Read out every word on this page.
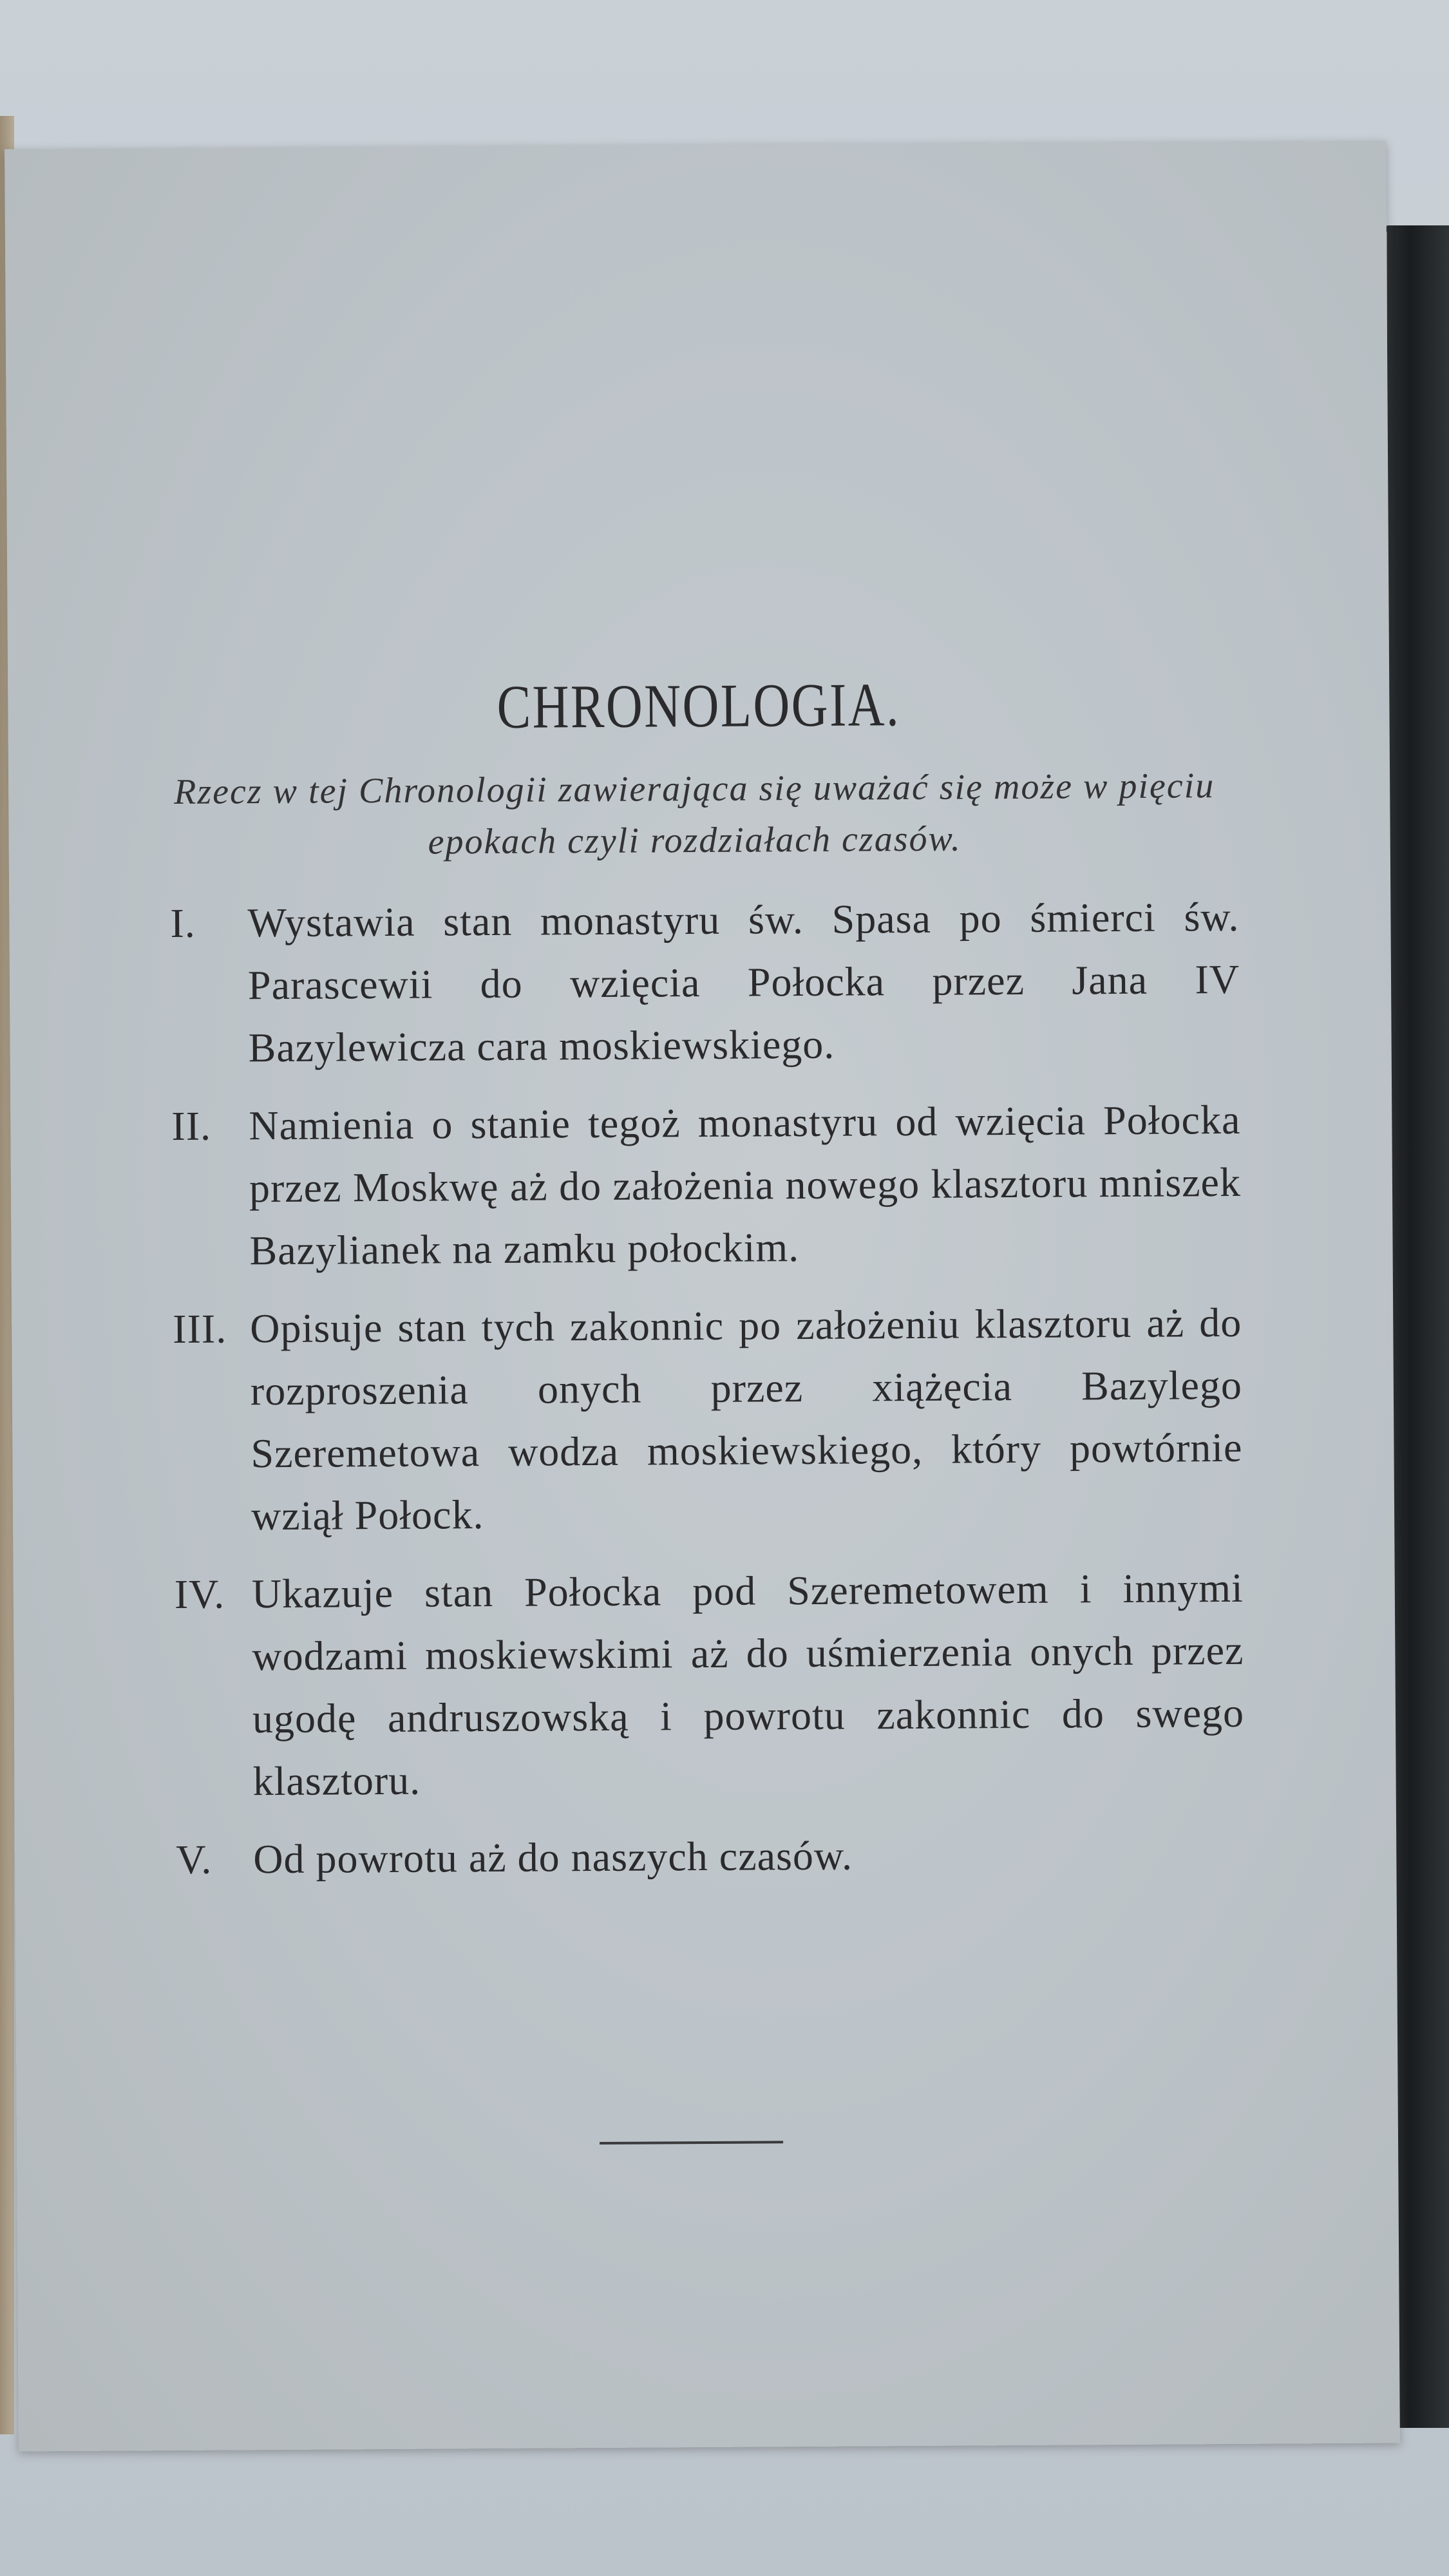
CHRONOLOGIA.
Rzecz w tej Chronologii zawierająca się uważać się może w pięciu epokach czyli rozdziałach czasów.
I. Wystawia stan monastyru św. Spasa po śmierci św. Parascewii do wzięcia Połocka przez Jana IV Bazylewicza cara moskiewskiego.
II. Namienia o stanie tegoż monastyru od wzięcia Połocka przez Moskwę aż do założenia nowego klasztoru mniszek Bazylianek na zamku połockim.
III. Opisuje stan tych zakonnic po założeniu klasztoru aż do rozproszenia onych przez xiążęcia Bazylego Szeremetowa wodza moskiewskiego, który powtórnie wziął Połock.
IV. Ukazuje stan Połocka pod Szeremetowem i innymi wodzami moskiewskimi aż do uśmierzenia onych przez ugodę andruszowską i powrotu zakonnic do swego klasztoru.
V. Od powrotu aż do naszych czasów.
